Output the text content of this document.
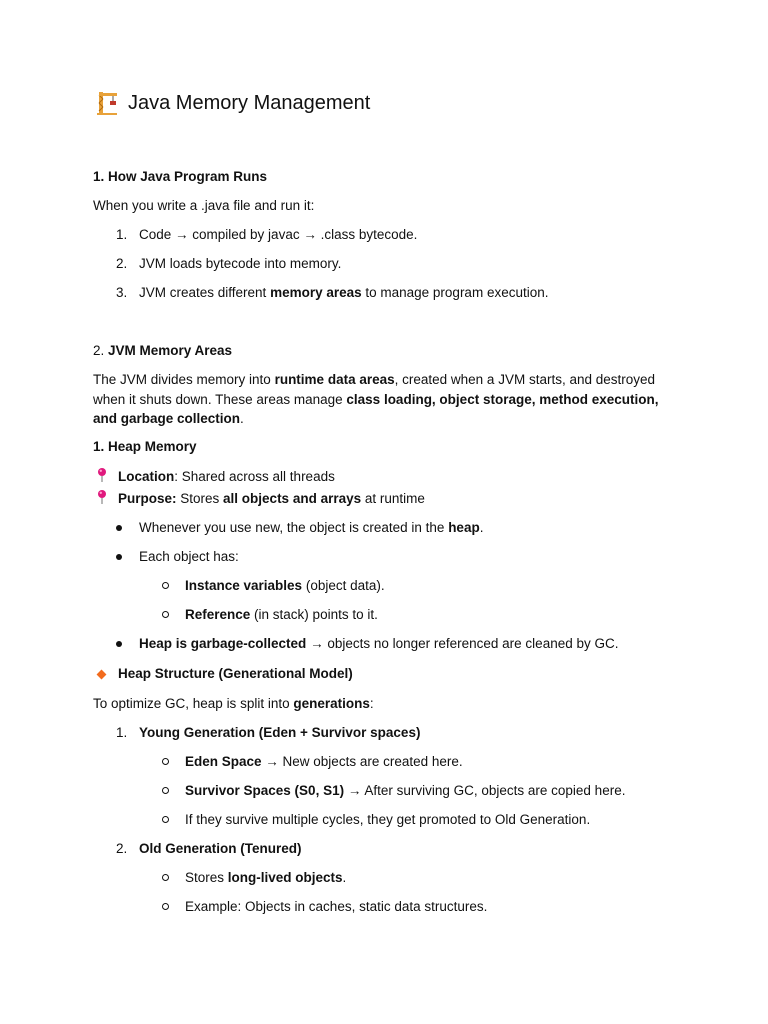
Java Memory Management
1. How Java Program Runs
When you write a .java file and run it:
1. Code → compiled by javac → .class bytecode.
2. JVM loads bytecode into memory.
3. JVM creates different memory areas to manage program execution.
2. JVM Memory Areas
The JVM divides memory into runtime data areas, created when a JVM starts, and destroyed when it shuts down. These areas manage class loading, object storage, method execution, and garbage collection.
1. Heap Memory
Location: Shared across all threads
Purpose: Stores all objects and arrays at runtime
Whenever you use new, the object is created in the heap.
Each object has:
Instance variables (object data).
Reference (in stack) points to it.
Heap is garbage-collected → objects no longer referenced are cleaned by GC.
Heap Structure (Generational Model)
To optimize GC, heap is split into generations:
1. Young Generation (Eden + Survivor spaces)
Eden Space → New objects are created here.
Survivor Spaces (S0, S1) → After surviving GC, objects are copied here.
If they survive multiple cycles, they get promoted to Old Generation.
2. Old Generation (Tenured)
Stores long-lived objects.
Example: Objects in caches, static data structures.
